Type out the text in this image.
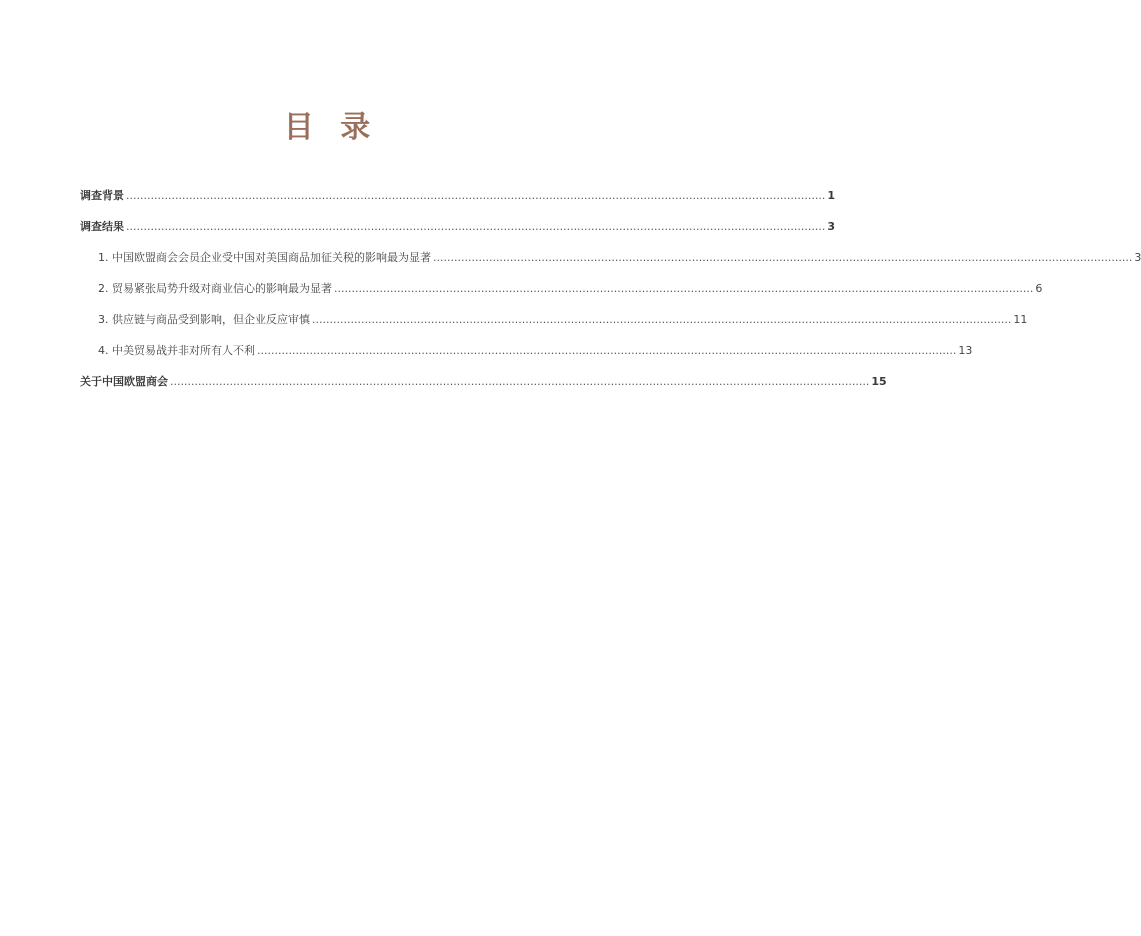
目 录
调查背景 ........................................................................................................................................................................................................ 1
调查结果 ........................................................................................................................................................................................................ 3
1. 中国欧盟商会会员企业受中国对美国商品加征关税的影响最为显著 ........................................................................................................................................................................................................ 3
2. 贸易紧张局势升级对商业信心的影响最为显著 ........................................................................................................................................................................................................ 6
3. 供应链与商品受到影响，但企业反应审慎 ........................................................................................................................................................................................................ 11
4. 中美贸易战并非对所有人不利 ........................................................................................................................................................................................................ 13
关于中国欧盟商会 ........................................................................................................................................................................................................ 15
